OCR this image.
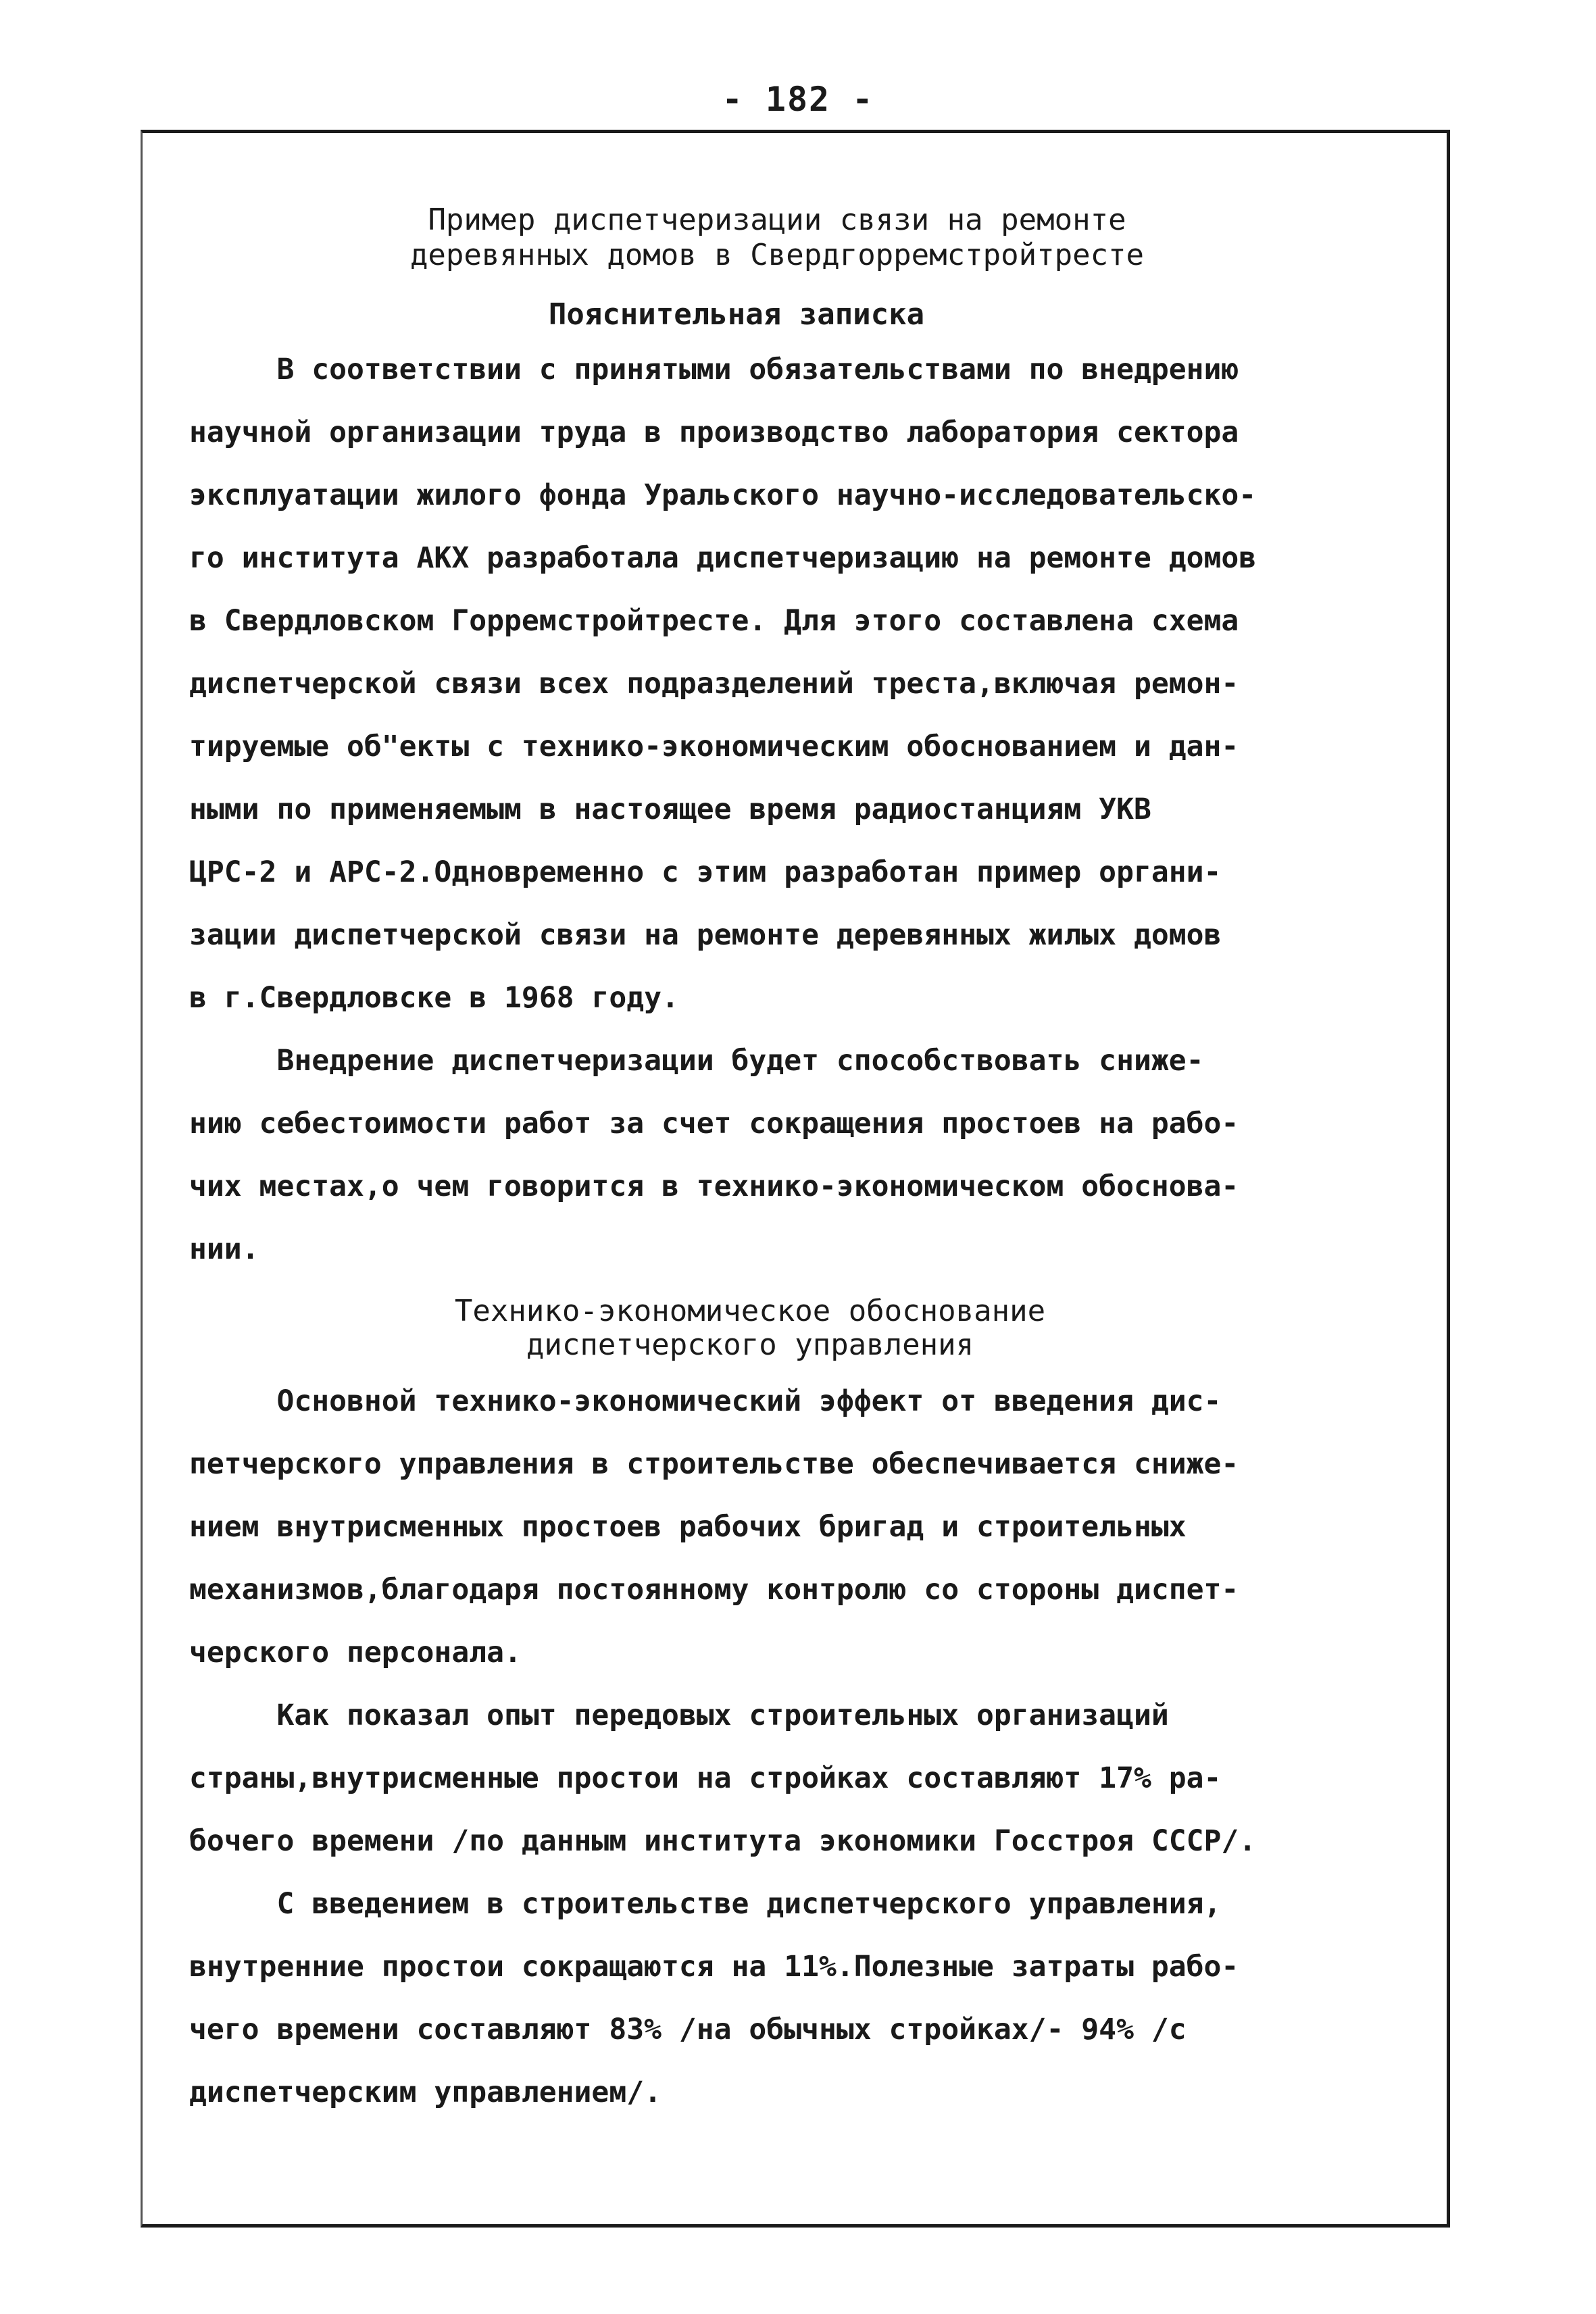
- 182 -
Пример диспетчеризации связи на ремонте
деревянных домов в Свердгорремстройтресте
Пояснительная записка
В соответствии с принятыми обязательствами по внедрению
научной организации труда в производство лаборатория сектора
эксплуатации жилого фонда Уральского научно-исследовательско-
го института АКХ разработала диспетчеризацию на ремонте домов
в Свердловском Горремстройтресте. Для этого составлена схема
диспетчерской связи всех подразделений треста,включая ремон-
тируемые об"екты с технико-экономическим обоснованием и дан-
ными по применяемым в настоящее время радиостанциям УКВ
ЦРС-2 и АРС-2.Одновременно с этим разработан пример органи-
зации диспетчерской связи на ремонте деревянных жилых домов
в г.Свердловске в 1968 году.
Внедрение диспетчеризации будет способствовать сниже-
нию себестоимости работ за счет сокращения простоев на рабо-
чих местах,о чем говорится в технико-экономическом обоснова-
нии.
Технико-экономическое обоснование
диспетчерского управления
Основной технико-экономический эффект от введения дис-
петчерского управления в строительстве обеспечивается сниже-
нием внутрисменных простоев рабочих бригад и строительных
механизмов,благодаря постоянному контролю со стороны диспет-
черского персонала.
Как показал опыт передовых строительных организаций
страны,внутрисменные простои на стройках составляют 17% ра-
бочего времени /по данным института экономики Госстроя СССР/.
С введением в строительстве диспетчерского управления,
внутренние простои сокращаются на 11%.Полезные затраты рабо-
чего времени составляют 83% /на обычных стройках/- 94% /с
диспетчерским управлением/.
